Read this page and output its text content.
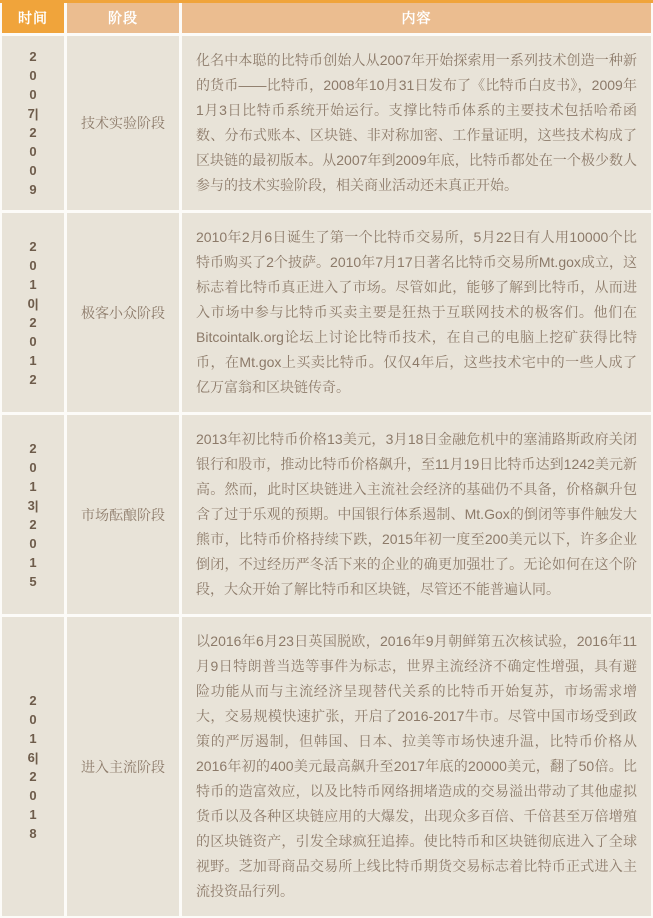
时间	阶段	内容
2007|2009
技术实验阶段
化名中本聪的比特币创始人从2007年开始探索用一系列技术创造一种新的货币——比特币，2008年10月31日发布了《比特币白皮书》，2009年1月3日比特币系统开始运行。支撑比特币体系的主要技术包括哈希函数、分布式账本、区块链、非对称加密、工作量证明，这些技术构成了区块链的最初版本。从2007年到2009年底，比特币都处在一个极少数人参与的技术实验阶段，相关商业活动还未真正开始。
2010|2012
极客小众阶段
2010年2月6日诞生了第一个比特币交易所，5月22日有人用10000个比特币购买了2个披萨。2010年7月17日著名比特币交易所Mt.gox成立，这标志着比特币真正进入了市场。尽管如此，能够了解到比特币，从而进入市场中参与比特币买卖主要是狂热于互联网技术的极客们。他们在Bitcointalk.org论坛上讨论比特币技术，在自己的电脑上挖矿获得比特币，在Mt.gox上买卖比特币。仅仅4年后，这些技术宅中的一些人成了亿万富翁和区块链传奇。
2013|2015
市场酝酿阶段
2013年初比特币价格13美元，3月18日金融危机中的塞浦路斯政府关闭银行和股市，推动比特币价格飙升，至11月19日比特币达到1242美元新高。然而，此时区块链进入主流社会经济的基础仍不具备，价格飙升包含了过于乐观的预期。中国银行体系遏制、Mt.Gox的倒闭等事件触发大熊市，比特币价格持续下跌，2015年初一度至200美元以下，许多企业倒闭，不过经历严冬活下来的企业的确更加强壮了。无论如何在这个阶段，大众开始了解比特币和区块链，尽管还不能普遍认同。
2016|2018
进入主流阶段
以2016年6月23日英国脱欧，2016年9月朝鲜第五次核试验，2016年11月9日特朗普当选等事件为标志，世界主流经济不确定性增强，具有避险功能从而与主流经济呈现替代关系的比特币开始复苏，市场需求增大，交易规模快速扩张，开启了2016-2017牛市。尽管中国市场受到政策的严厉遏制，但韩国、日本、拉美等市场快速升温，比特币价格从2016年初的400美元最高飙升至2017年底的20000美元，翻了50倍。比特币的造富效应，以及比特币网络拥堵造成的交易溢出带动了其他虚拟货币以及各种区块链应用的大爆发，出现众多百倍、千倍甚至万倍增殖的区块链资产，引发全球疯狂追捧。使比特币和区块链彻底进入了全球视野。芝加哥商品交易所上线比特币期货交易标志着比特币正式进入主流投资品行列。
